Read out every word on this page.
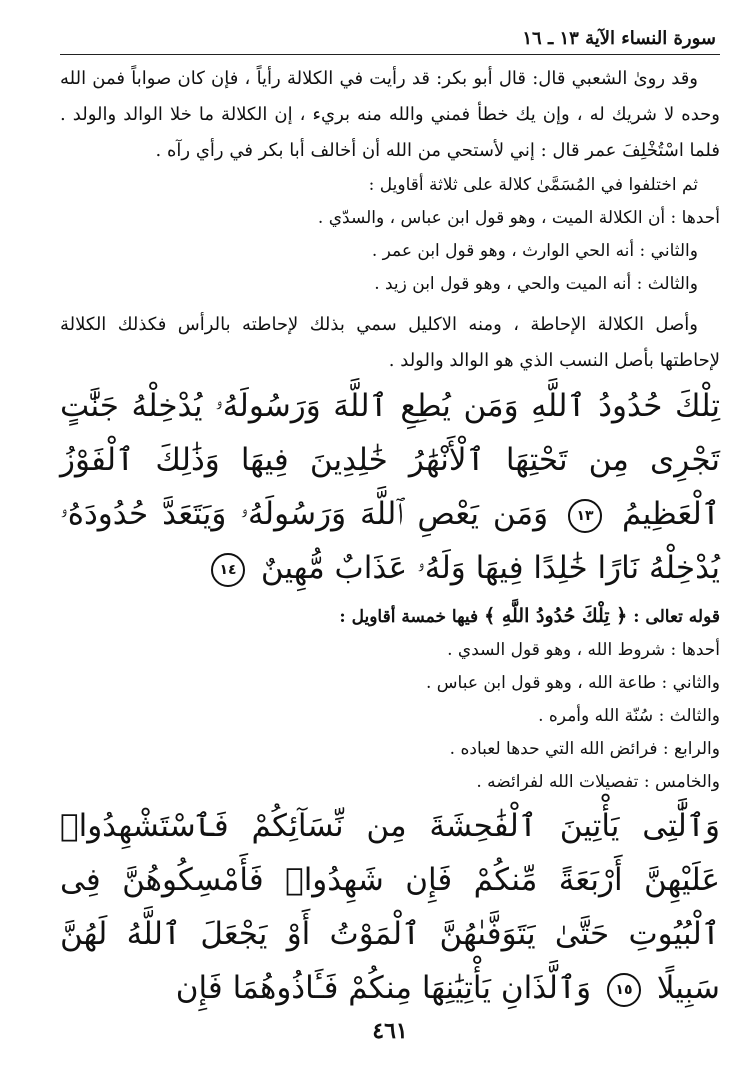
سورة النساء الآية ١٣ ـ ١٦

وقد روىٰ الشعبي قال: قال أبو بكر: قد رأيت في الكلالة رأياً ، فإن كان صواباً فمن الله وحده لا شريك له ، وإن يك خطأ فمني والله منه بريء ، إن الكلالة ما خلا الوالد والولد . فلما اسْتُخْلِفَ عمر قال : إني لأستحي من الله أن أخالف أبا بكر في رأي رآه .

ثم اختلفوا في المُسَمَّىٰ كلالة على ثلاثة أقاويل :
أحدها : أن الكلالة الميت ، وهو قول ابن عباس ، والسدّي .
والثاني : أنه الحي الوارث ، وهو قول ابن عمر .
والثالث : أنه الميت والحي ، وهو قول ابن زيد .

وأصل الكلالة الإحاطة ، ومنه الاكليل سمي بذلك لإحاطته بالرأس فكذلك الكلالة لإحاطتها بأصل النسب الذي هو الوالد والولد .

تِلْكَ حُدُودُ ٱللَّهِ وَمَن يُطِعِ ٱللَّهَ وَرَسُولَهُۥ يُدْخِلْهُ جَنَّٰتٍ تَجْرِى مِن تَحْتِهَا ٱلْأَنْهَٰرُ خَٰلِدِينَ فِيهَا وَذَٰلِكَ ٱلْفَوْزُ ٱلْعَظِيمُ ١٣ وَمَن يَعْصِ ٱللَّهَ وَرَسُولَهُۥ وَيَتَعَدَّ حُدُودَهُۥ يُدْخِلْهُ نَارًا خَٰلِدًا فِيهَا وَلَهُۥ عَذَابٌ مُّهِينٌ ١٤

قوله تعالى : ﴿ تِلْكَ حُدُودُ اللَّهِ ﴾ فيها خمسة أقاويل :

أحدها : شروط الله ، وهو قول السدي .
والثاني : طاعة الله ، وهو قول ابن عباس .
والثالث : سُنّة الله وأمره .
والرابع : فرائض الله التي حدها لعباده .
والخامس : تفصيلات الله لفرائضه .

وَٱلَّٰتِى يَأْتِينَ ٱلْفَٰحِشَةَ مِن نِّسَآئِكُمْ فَٱسْتَشْهِدُوا۟ عَلَيْهِنَّ أَرْبَعَةً مِّنكُمْ فَإِن شَهِدُوا۟ فَأَمْسِكُوهُنَّ فِى ٱلْبُيُوتِ حَتَّىٰ يَتَوَفَّىٰهُنَّ ٱلْمَوْتُ أَوْ يَجْعَلَ ٱللَّهُ لَهُنَّ سَبِيلًا ١٥ وَٱلَّذَانِ يَأْتِيَٰنِهَا مِنكُمْ فَـَٔاذُوهُمَا فَإِن

٤٦١
